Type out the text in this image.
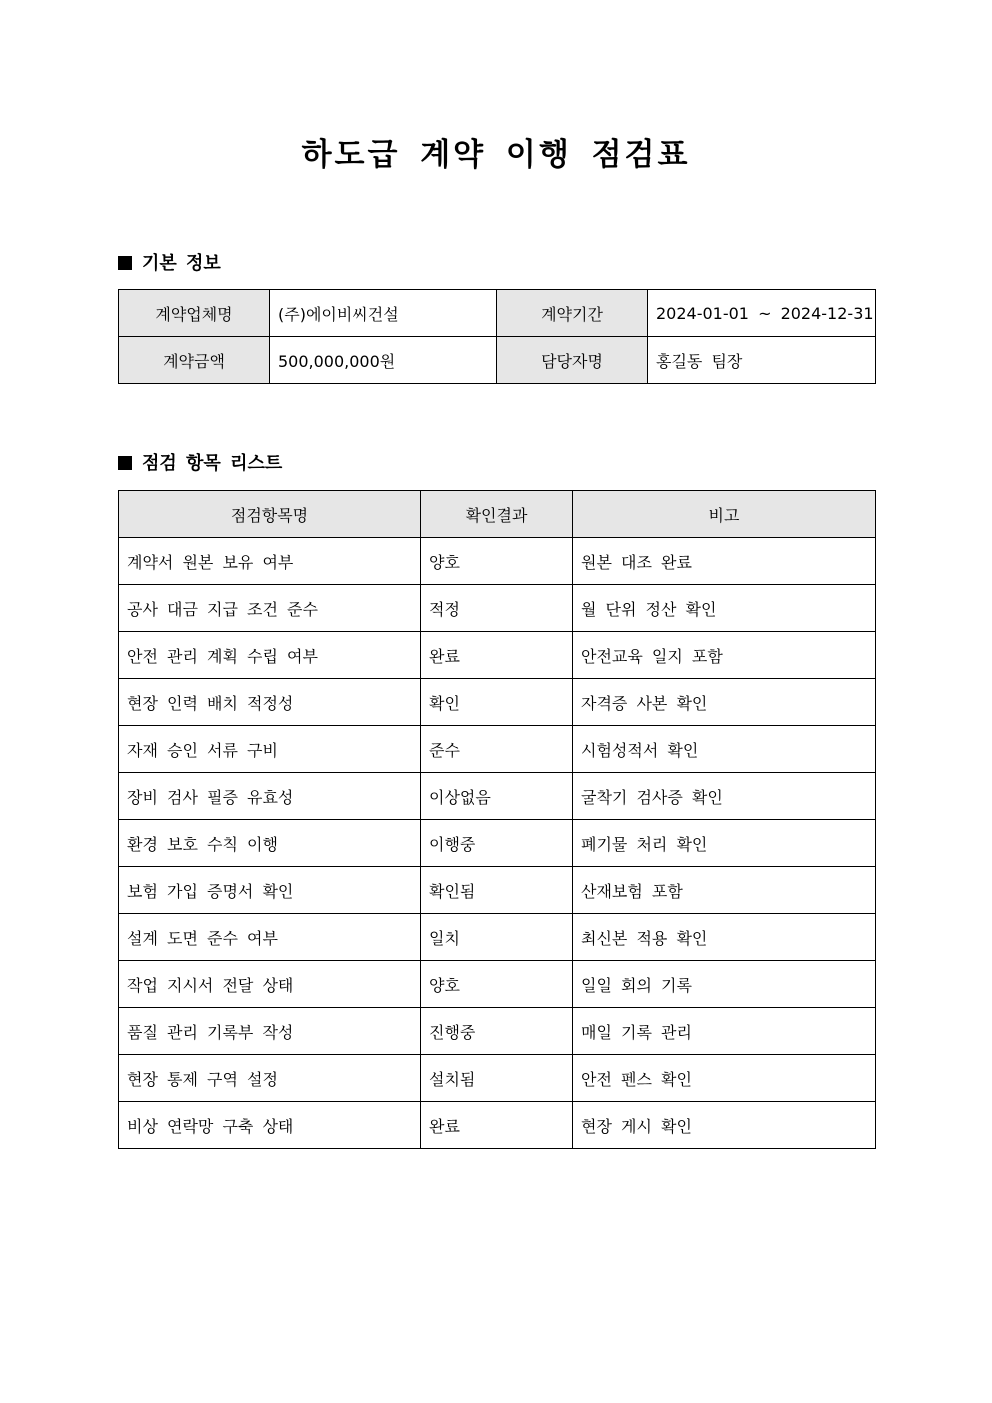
하도급 계약 이행 점검표
기본 정보
계약업체명	(주)에이비씨건설	계약기간	2024-01-01 ~ 2024-12-31
계약금액	500,000,000원	담당자명	홍길동 팀장
점검 항목 리스트
점검항목명	확인결과	비고
계약서 원본 보유 여부	양호	원본 대조 완료
공사 대금 지급 조건 준수	적정	월 단위 정산 확인
안전 관리 계획 수립 여부	완료	안전교육 일지 포함
현장 인력 배치 적정성	확인	자격증 사본 확인
자재 승인 서류 구비	준수	시험성적서 확인
장비 검사 필증 유효성	이상없음	굴착기 검사증 확인
환경 보호 수칙 이행	이행중	폐기물 처리 확인
보험 가입 증명서 확인	확인됨	산재보험 포함
설계 도면 준수 여부	일치	최신본 적용 확인
작업 지시서 전달 상태	양호	일일 회의 기록
품질 관리 기록부 작성	진행중	매일 기록 관리
현장 통제 구역 설정	설치됨	안전 펜스 확인
비상 연락망 구축 상태	완료	현장 게시 확인
